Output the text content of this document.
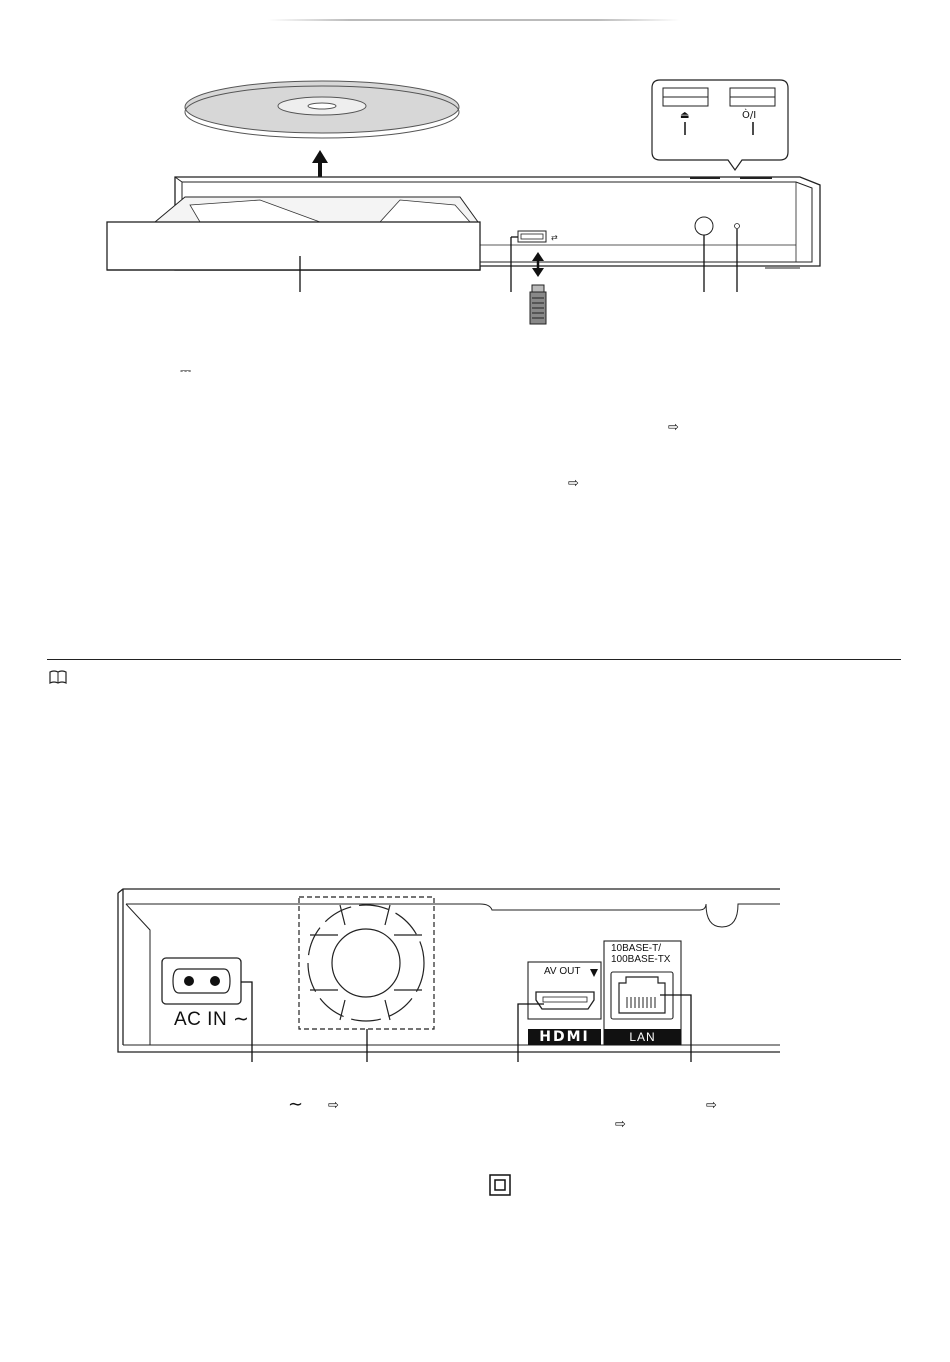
⇄
⏏	Ò/I
⎓
⇨
⇨
AC IN ∼
AV OUT
HDMI
10BASE-T/
100BASE-TX
LAN
∼ ⇨	⇨
⇨
